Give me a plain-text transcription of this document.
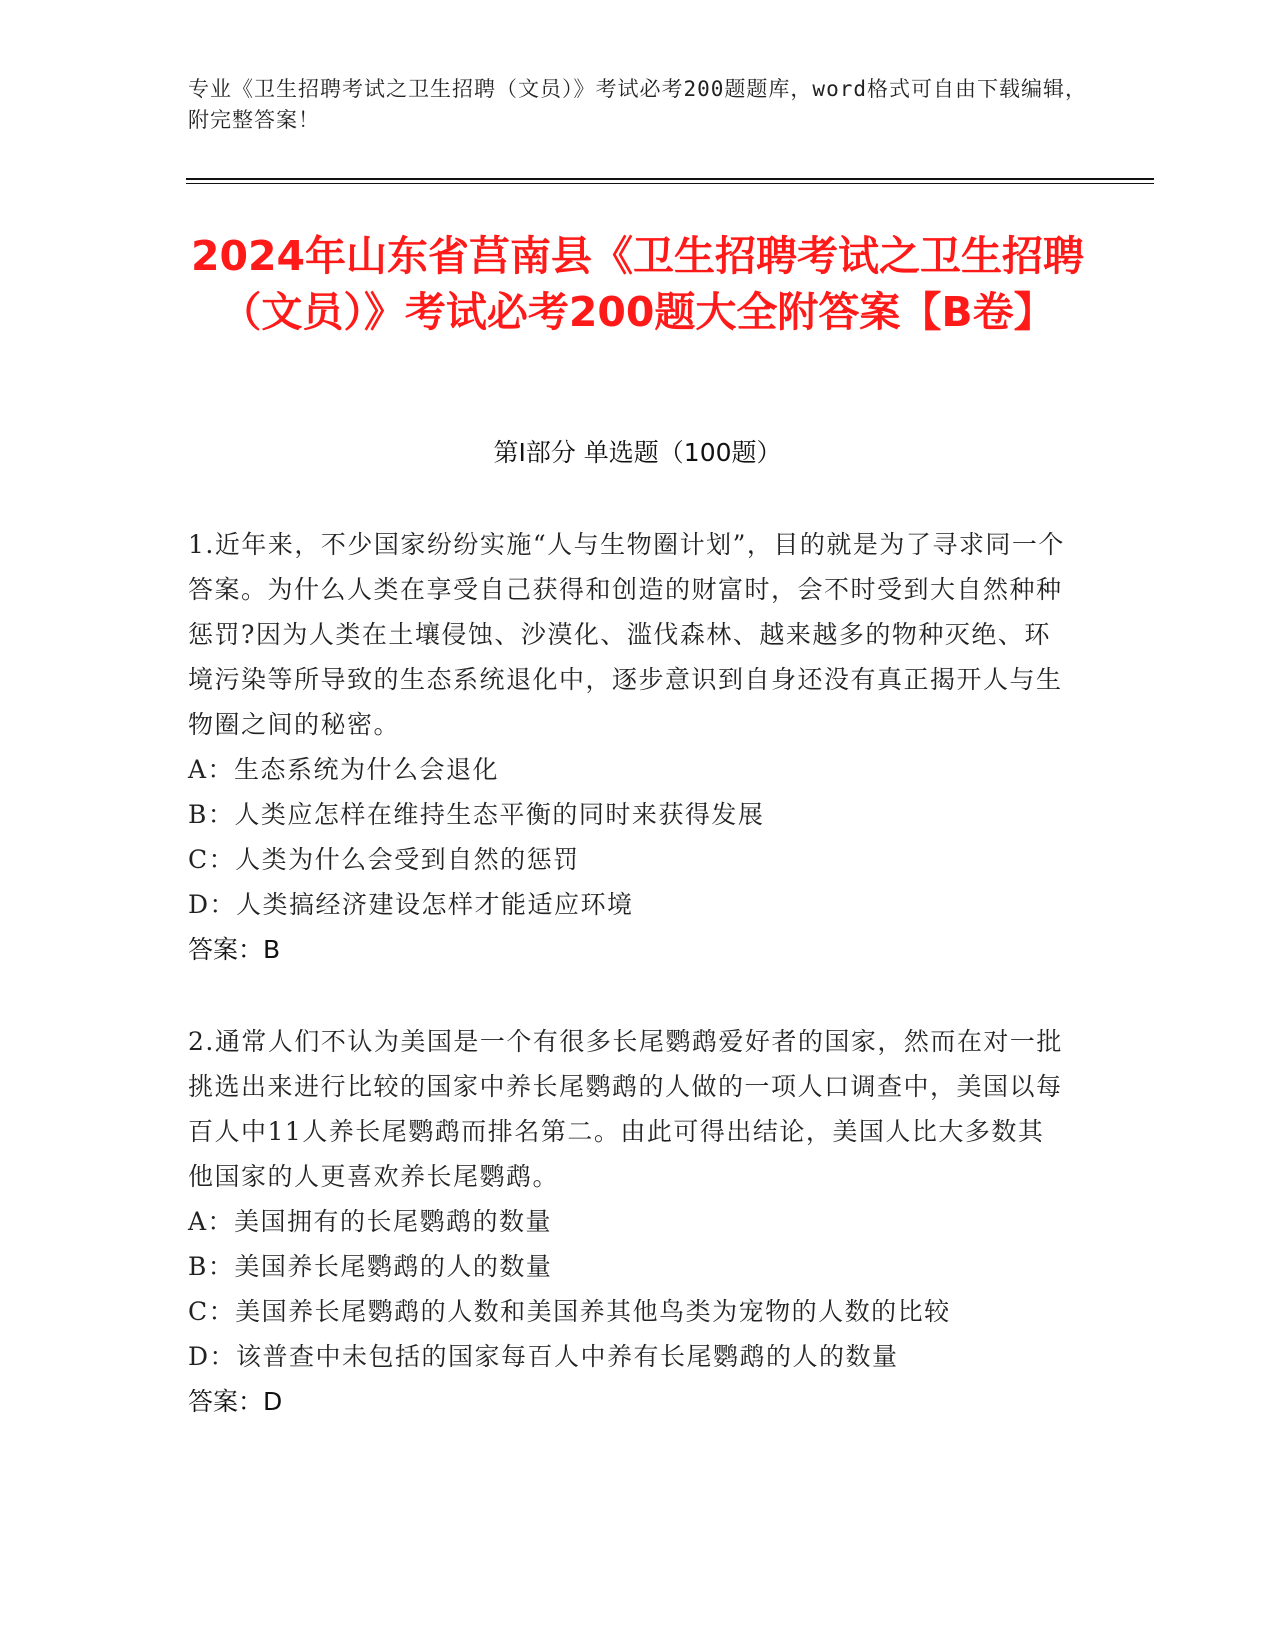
专业《卫生招聘考试之卫生招聘（文员）》考试必考200题题库，word格式可自由下载编辑，附完整答案！
2024年山东省莒南县《卫生招聘考试之卫生招聘（文员）》考试必考200题大全附答案【B卷】
第Ⅰ部分 单选题（100题）
1.近年来，不少国家纷纷实施“人与生物圈计划”，目的就是为了寻求同一个答案。为什么人类在享受自己获得和创造的财富时，会不时受到大自然种种惩罚?因为人类在土壤侵蚀、沙漠化、滥伐森林、越来越多的物种灭绝、环境污染等所导致的生态系统退化中，逐步意识到自身还没有真正揭开人与生物圈之间的秘密。
A：生态系统为什么会退化
B：人类应怎样在维持生态平衡的同时来获得发展
C：人类为什么会受到自然的惩罚
D：人类搞经济建设怎样才能适应环境
答案：B
2.通常人们不认为美国是一个有很多长尾鹦鹉爱好者的国家，然而在对一批挑选出来进行比较的国家中养长尾鹦鹉的人做的一项人口调查中，美国以每百人中11人养长尾鹦鹉而排名第二。由此可得出结论，美国人比大多数其他国家的人更喜欢养长尾鹦鹉。
A：美国拥有的长尾鹦鹉的数量
B：美国养长尾鹦鹉的人的数量
C：美国养长尾鹦鹉的人数和美国养其他鸟类为宠物的人数的比较
D：该普查中未包括的国家每百人中养有长尾鹦鹉的人的数量
答案：D
